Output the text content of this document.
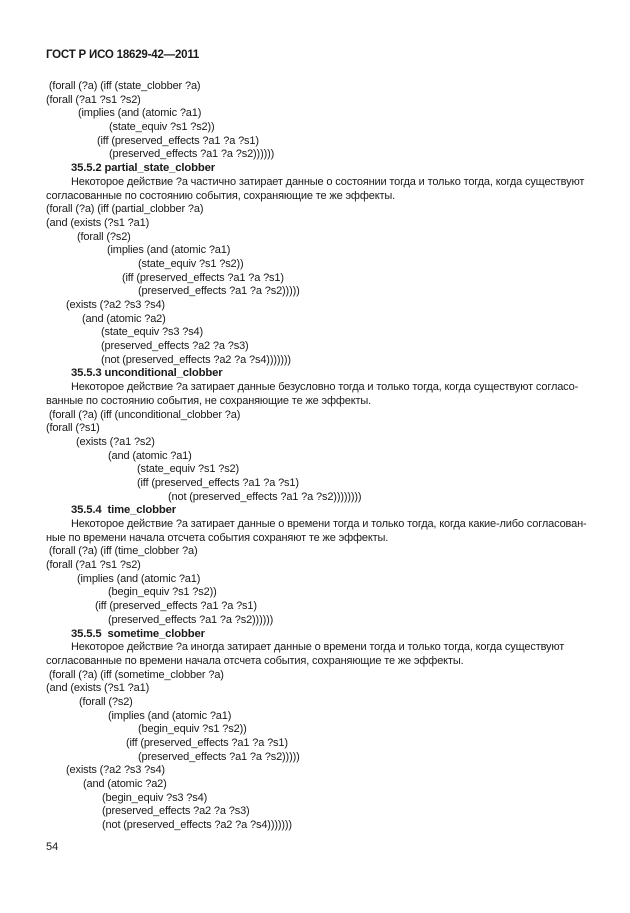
ГОСТ Р ИСО 18629-42—2011
(forall (?a) (iff (state_clobber ?a)
(forall (?a1 ?s1 ?s2)
(implies (and (atomic ?a1)
(state_equiv ?s1 ?s2))
(iff (preserved_effects ?a1 ?a ?s1)
(preserved_effects ?a1 ?a ?s2))))))
35.5.2 partial_state_clobber
Некоторое действие ?a частично затирает данные о состоянии тогда и только тогда, когда существуют
согласованные по состоянию события, сохраняющие те же эффекты.
(forall (?a) (iff (partial_clobber ?a)
(and (exists (?s1 ?a1)
(forall (?s2)
(implies (and (atomic ?a1)
(state_equiv ?s1 ?s2))
(iff (preserved_effects ?a1 ?a ?s1)
(preserved_effects ?a1 ?a ?s2)))))
(exists (?a2 ?s3 ?s4)
(and (atomic ?a2)
(state_equiv ?s3 ?s4)
(preserved_effects ?a2 ?a ?s3)
(not (preserved_effects ?a2 ?a ?s4)))))))
35.5.3 unconditional_clobber
Некоторое действие ?a затирает данные безусловно тогда и только тогда, когда существуют согласо-
ванные по состоянию события, не сохраняющие те же эффекты.
(forall (?a) (iff (unconditional_clobber ?a)
(forall (?s1)
(exists (?a1 ?s2)
(and (atomic ?a1)
(state_equiv ?s1 ?s2)
(iff (preserved_effects ?a1 ?a ?s1)
(not (preserved_effects ?a1 ?a ?s2))))))))
35.5.4  time_clobber
Некоторое действие ?a затирает данные о времени тогда и только тогда, когда какие-либо согласован-
ные по времени начала отсчета события сохраняют те же эффекты.
(forall (?a) (iff (time_clobber ?a)
(forall (?a1 ?s1 ?s2)
(implies (and (atomic ?a1)
(begin_equiv ?s1 ?s2))
(iff (preserved_effects ?a1 ?a ?s1)
(preserved_effects ?a1 ?a ?s2))))))
35.5.5  sometime_clobber
Некоторое действие ?a иногда затирает данные о времени тогда и только тогда, когда существуют
согласованные по времени начала отсчета события, сохраняющие те же эффекты.
(forall (?a) (iff (sometime_clobber ?a)
(and (exists (?s1 ?a1)
(forall (?s2)
(implies (and (atomic ?a1)
(begin_equiv ?s1 ?s2))
(iff (preserved_effects ?a1 ?a ?s1)
(preserved_effects ?a1 ?a ?s2)))))
(exists (?a2 ?s3 ?s4)
(and (atomic ?a2)
(begin_equiv ?s3 ?s4)
(preserved_effects ?a2 ?a ?s3)
(not (preserved_effects ?a2 ?a ?s4)))))))
54
